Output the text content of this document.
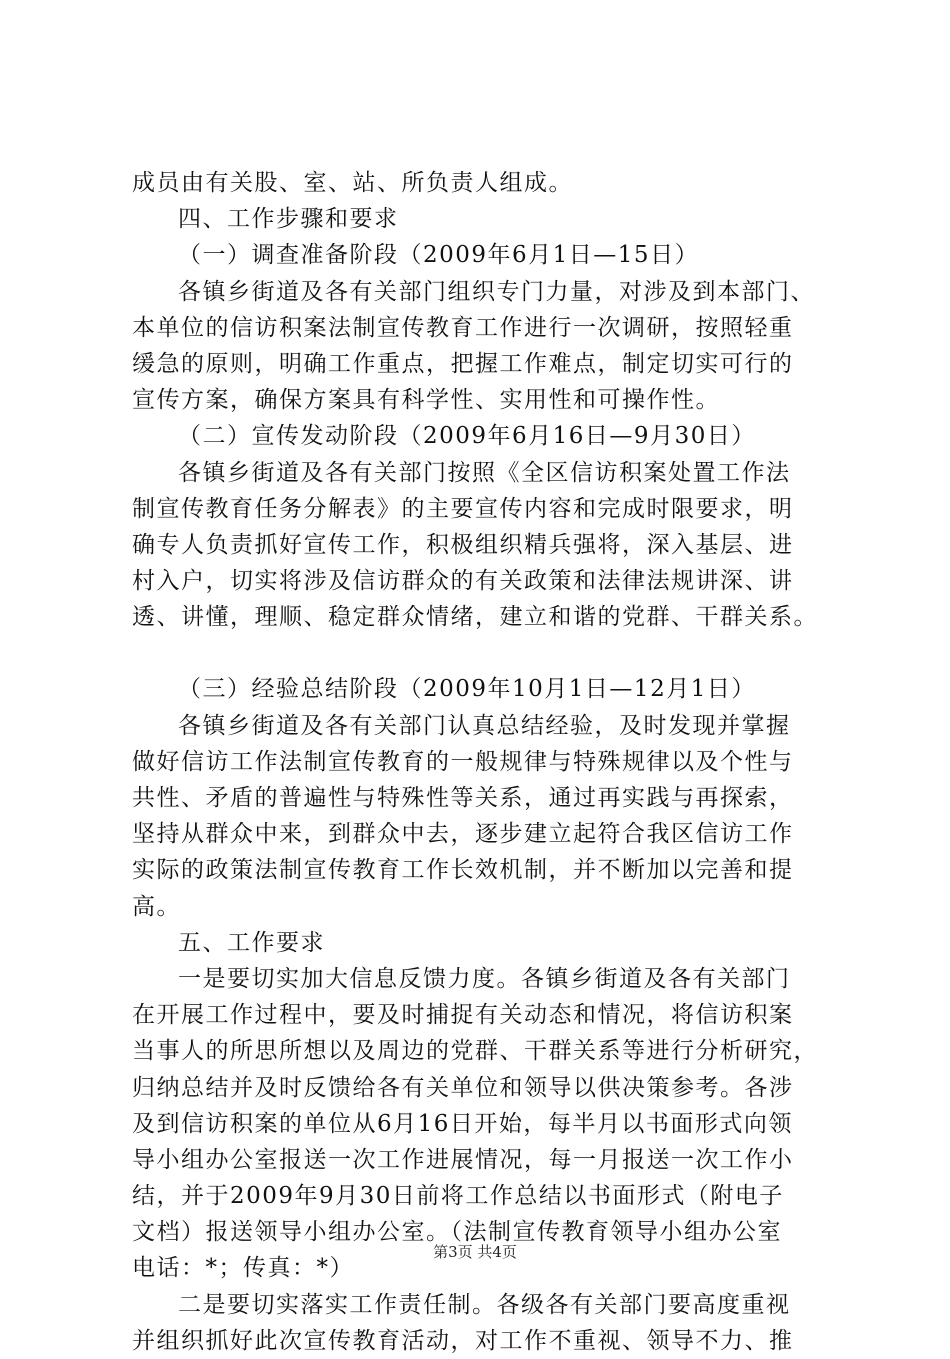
成员由有关股、室、站、所负责人组成。
四、工作步骤和要求
（一）调查准备阶段（2009年6月1日—15日）
各镇乡街道及各有关部门组织专门力量，对涉及到本部门、
本单位的信访积案法制宣传教育工作进行一次调研，按照轻重
缓急的原则，明确工作重点，把握工作难点，制定切实可行的
宣传方案，确保方案具有科学性、实用性和可操作性。
（二）宣传发动阶段（2009年6月16日—9月30日）
各镇乡街道及各有关部门按照《全区信访积案处置工作法
制宣传教育任务分解表》的主要宣传内容和完成时限要求，明
确专人负责抓好宣传工作，积极组织精兵强将，深入基层、进
村入户，切实将涉及信访群众的有关政策和法律法规讲深、讲
透、讲懂，理顺、稳定群众情绪，建立和谐的党群、干群关系。
（三）经验总结阶段（2009年10月1日—12月1日）
各镇乡街道及各有关部门认真总结经验，及时发现并掌握
做好信访工作法制宣传教育的一般规律与特殊规律以及个性与
共性、矛盾的普遍性与特殊性等关系，通过再实践与再探索，
坚持从群众中来，到群众中去，逐步建立起符合我区信访工作
实际的政策法制宣传教育工作长效机制，并不断加以完善和提
高。
五、工作要求
一是要切实加大信息反馈力度。各镇乡街道及各有关部门
在开展工作过程中，要及时捕捉有关动态和情况，将信访积案
当事人的所思所想以及周边的党群、干群关系等进行分析研究，
归纳总结并及时反馈给各有关单位和领导以供决策参考。各涉
及到信访积案的单位从6月16日开始，每半月以书面形式向领
导小组办公室报送一次工作进展情况，每一月报送一次工作小
结，并于2009年9月30日前将工作总结以书面形式（附电子
文档）报送领导小组办公室。（法制宣传教育领导小组办公室
电话：*；传真：*）
二是要切实落实工作责任制。各级各有关部门要高度重视
并组织抓好此次宣传教育活动，对工作不重视、领导不力、推
第3页 共4页
